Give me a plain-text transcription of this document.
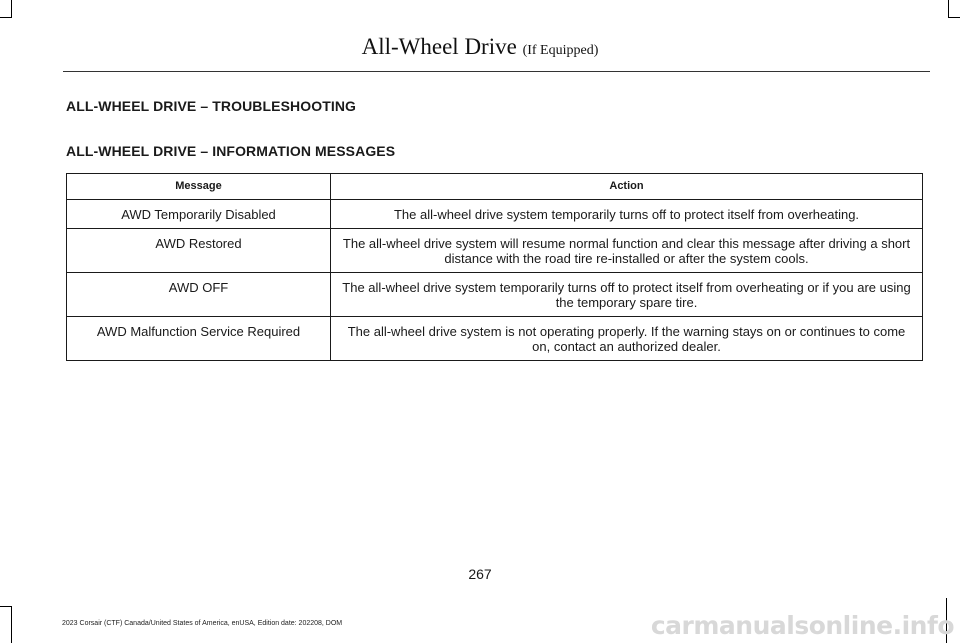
All-Wheel Drive (If Equipped)
ALL-WHEEL DRIVE – TROUBLESHOOTING
ALL-WHEEL DRIVE – INFORMATION MESSAGES
Message	Action
AWD Temporarily Disabled	The all-wheel drive system temporarily turns off to protect itself from overheating.
AWD Restored	The all-wheel drive system will resume normal function and clear this message after driving a short distance with the road tire re-installed or after the system cools.
AWD OFF	The all-wheel drive system temporarily turns off to protect itself from overheating or if you are using the temporary spare tire.
AWD Malfunction Service Required	The all-wheel drive system is not operating properly. If the warning stays on or continues to come on, contact an authorized dealer.
267
2023 Corsair (CTF) Canada/United States of America, enUSA, Edition date: 202208, DOM	carmanualsonline.info
